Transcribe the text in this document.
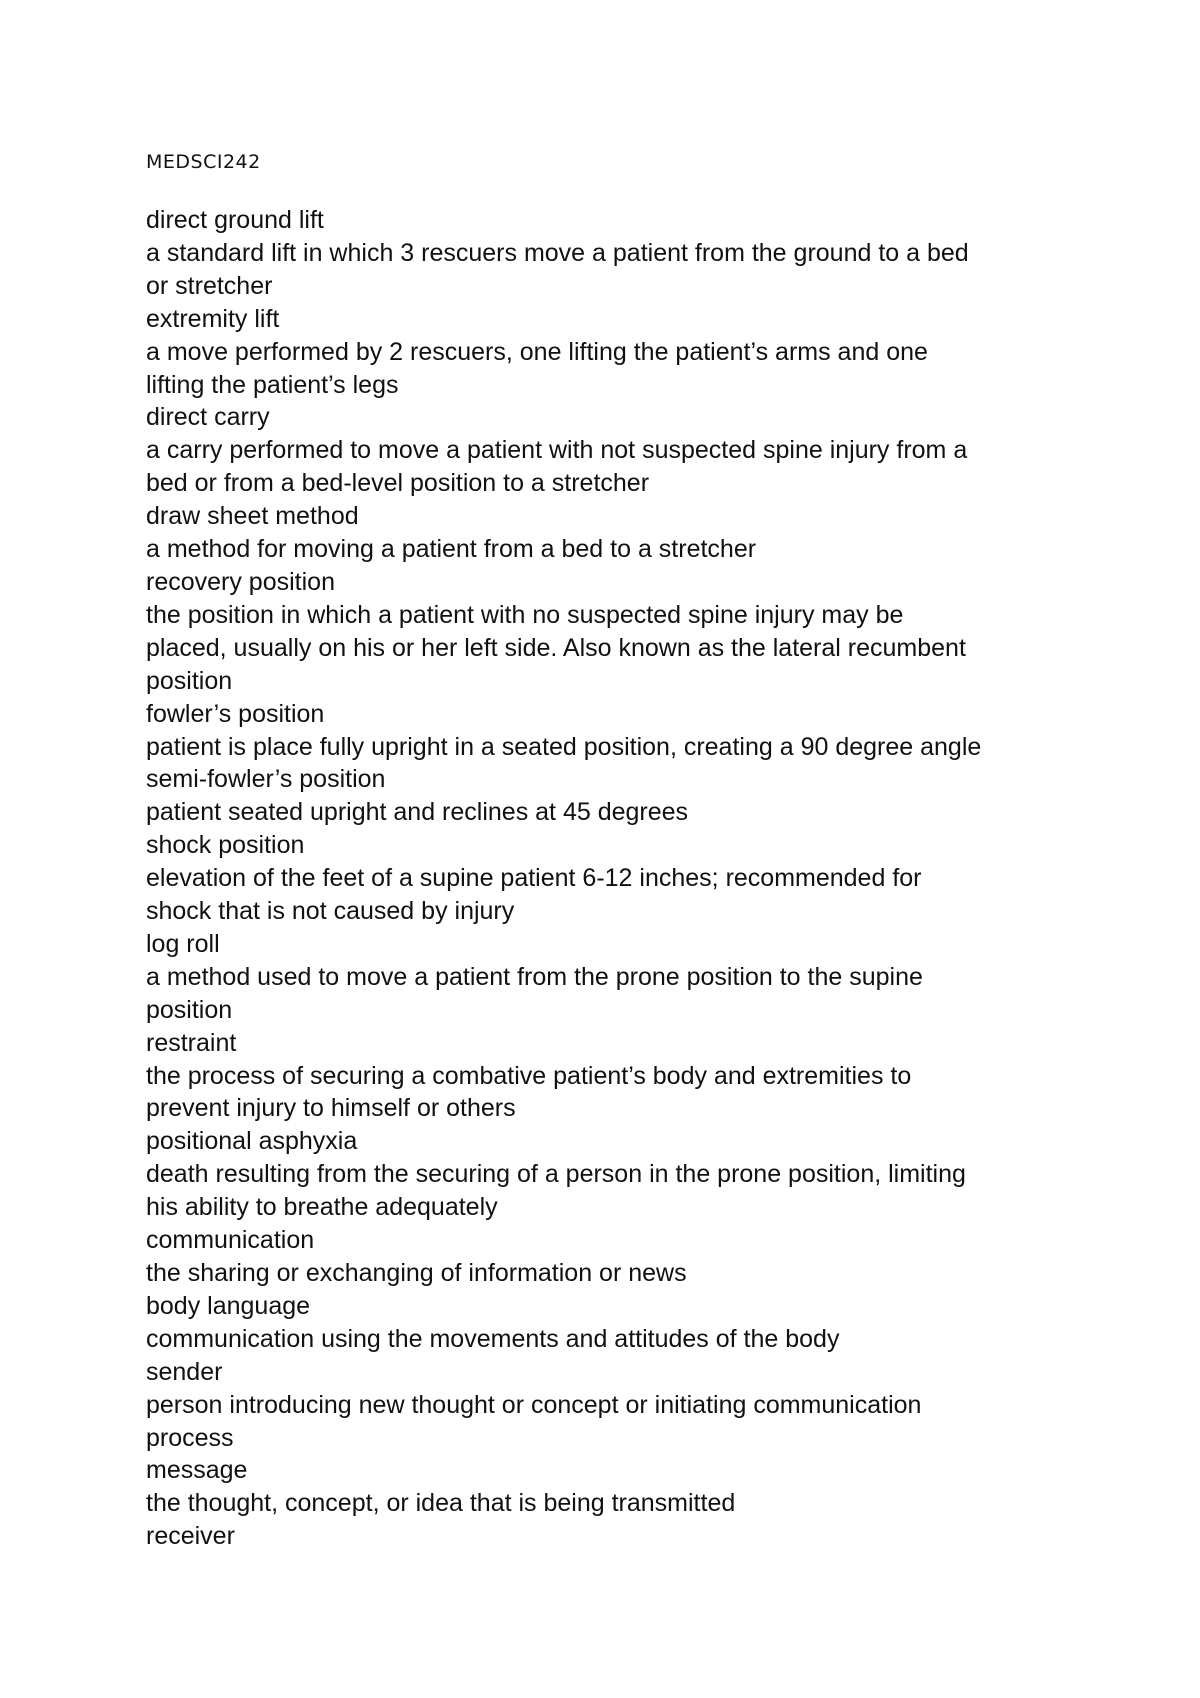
MEDSCI242

direct ground lift

a standard lift in which 3 rescuers move a patient from the ground to a bed

or stretcher

extremity lift

a move performed by 2 rescuers, one lifting the patient’s arms and one

lifting the patient’s legs

direct carry

a carry performed to move a patient with not suspected spine injury from a

bed or from a bed-level position to a stretcher

draw sheet method

a method for moving a patient from a bed to a stretcher

recovery position

the position in which a patient with no suspected spine injury may be

placed, usually on his or her left side. Also known as the lateral recumbent

position

fowler’s position

patient is place fully upright in a seated position, creating a 90 degree angle

semi-fowler’s position

patient seated upright and reclines at 45 degrees

shock position

elevation of the feet of a supine patient 6-12 inches; recommended for

shock that is not caused by injury

log roll

a method used to move a patient from the prone position to the supine

position

restraint

the process of securing a combative patient’s body and extremities to

prevent injury to himself or others

positional asphyxia

death resulting from the securing of a person in the prone position, limiting

his ability to breathe adequately

communication

the sharing or exchanging of information or news

body language

communication using the movements and attitudes of the body

sender

person introducing new thought or concept or initiating communication

process

message

the thought, concept, or idea that is being transmitted

receiver
